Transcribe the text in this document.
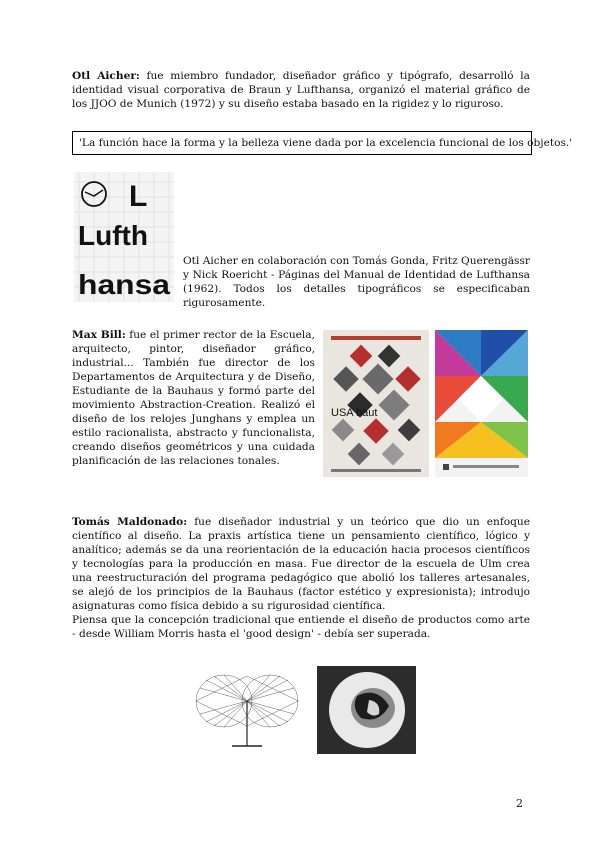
Otl Aicher: fue miembro fundador, diseñador gráfico y tipógrafo, desarrolló la identidad visual corporativa de Braun y Lufthansa, organizó el material gráfico de los JJOO de Munich (1972) y su diseño estaba basado en la rigidez y lo riguroso.

'La función hace la forma y la belleza viene dada por la excelencia funcional de los objetos.'
L
Lufth
hansa

Otl Aicher en colaboración con Tomás Gonda, Fritz Querengässr y Nick Roericht - Páginas del Manual de Identidad de Lufthansa (1962). Todos los detalles tipográficos se especificaban rigurosamente.

Max Bill: fue el primer rector de la Escuela, arquitecto, pintor, diseñador gráfico, industrial... También fue director de los Departamentos de Arquitectura y de Diseño, Estudiante de la Bauhaus y formó parte del movimiento Abstraction-Creation. Realizó el diseño de los relojes Junghans y emplea un estilo racionalista, abstracto y funcionalista, creando diseños geométricos y una cuidada planificación de las relaciones tonales.

USA baut

Tomás Maldonado: fue diseñador industrial y un teórico que dio un enfoque científico al diseño. La praxis artística tiene un pensamiento científico, lógico y analítico; además se da una reorientación de la educación hacia procesos científicos y tecnologías para la producción en masa. Fue director de la escuela de Ulm crea una reestructuración del programa pedagógico que abolió los talleres artesanales, se alejó de los principios de la Bauhaus (factor estético y expresionista); introdujo asignaturas como física debido a su rigurosidad científica.

Piensa que la concepción tradicional que entiende el diseño de productos como arte - desde William Morris hasta el 'good design' - debía ser superada.

2
